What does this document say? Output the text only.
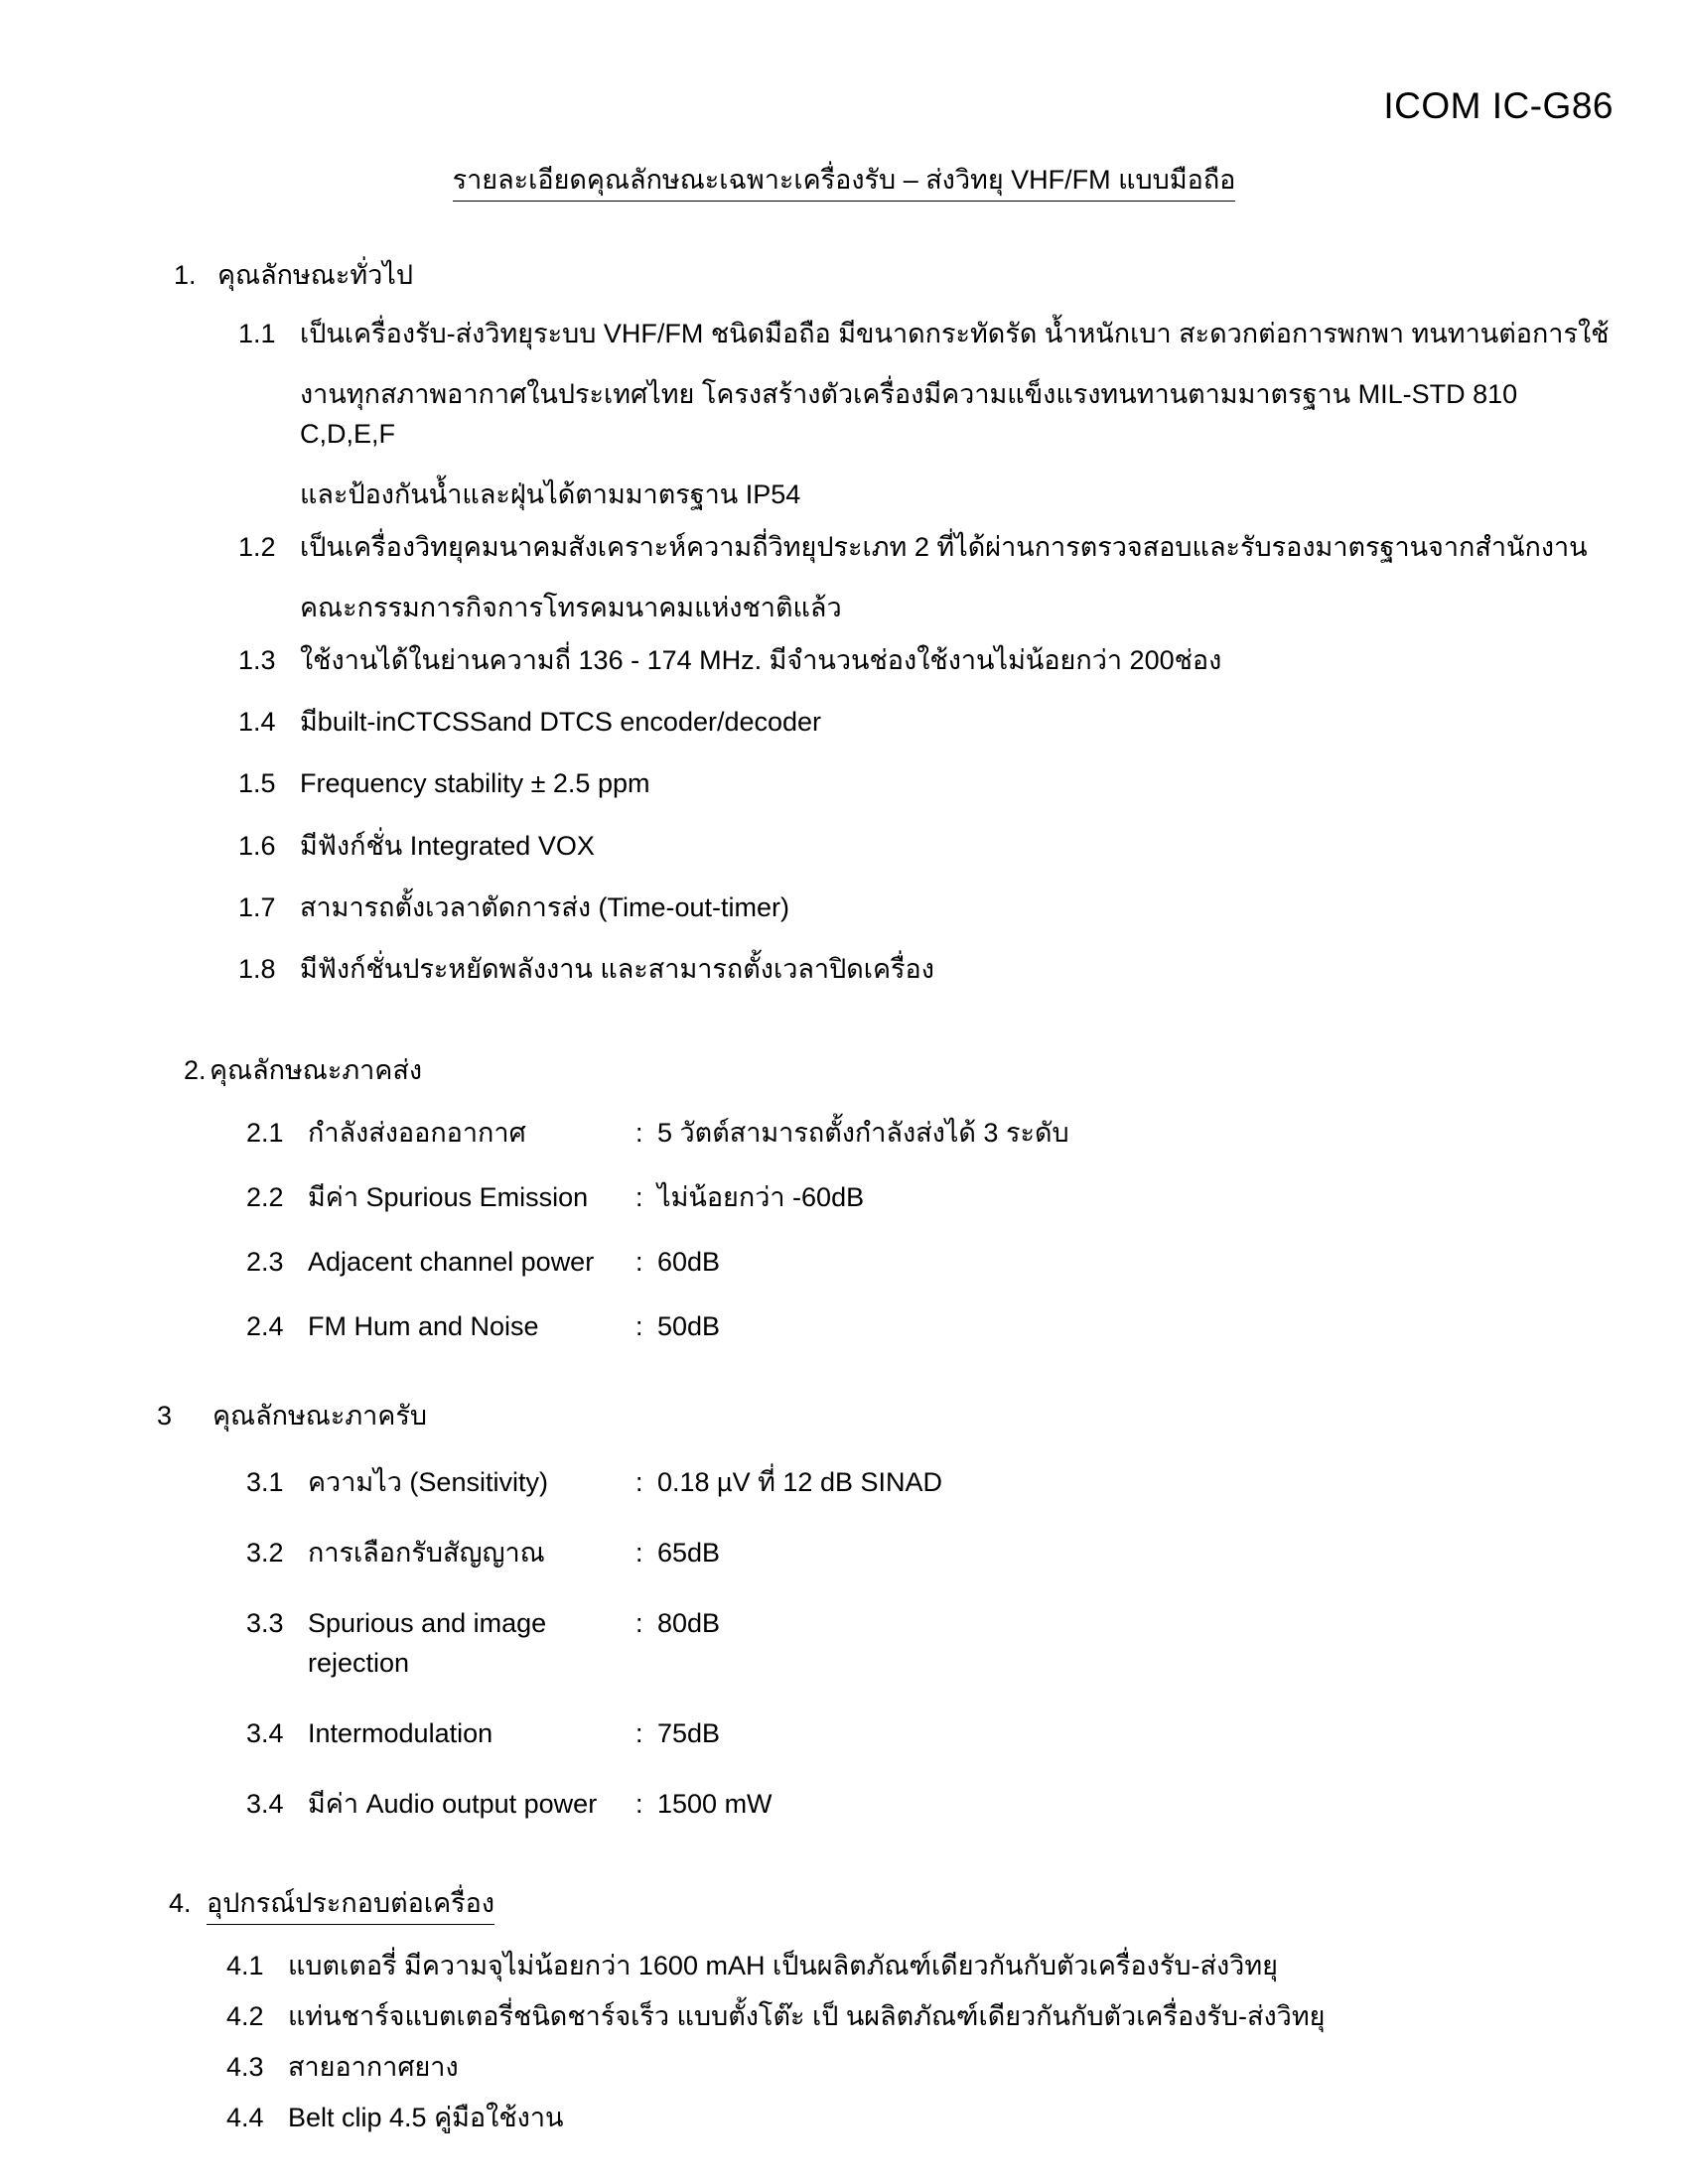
ICOM IC-G86
รายละเอียดคุณลักษณะเฉพาะเครื่องรับ – ส่งวิทยุ VHF/FM แบบมือถือ
1. คุณลักษณะทั่วไป
1.1 เป็นเครื่องรับ-ส่งวิทยุระบบ VHF/FM ชนิดมือถือ มีขนาดกระทัดรัด น้ำหนักเบา สะดวกต่อการพกพา ทนทานต่อการใช้
งานทุกสภาพอากาศในประเทศไทย โครงสร้างตัวเครื่องมีความแข็งแรงทนทานตามมาตรฐาน MIL-STD 810 C,D,E,F
และป้องกันน้ำและฝุ่นได้ตามมาตรฐาน IP54
1.2 เป็นเครื่องวิทยุคมนาคมสังเคราะห์ความถี่วิทยุประเภท 2 ที่ได้ผ่านการตรวจสอบและรับรองมาตรฐานจากสำนักงาน
คณะกรรมการกิจการโทรคมนาคมแห่งชาติแล้ว
1.3 ใช้งานได้ในย่านความถี่ 136 - 174 MHz. มีจำนวนช่องใช้งานไม่น้อยกว่า 200ช่อง
1.4 มีbuilt-inCTCSSand DTCS encoder/decoder
1.5 Frequency stability ± 2.5 ppm
1.6 มีฟังก์ชั่น Integrated VOX
1.7 สามารถตั้งเวลาตัดการส่ง (Time-out-timer)
1.8 มีฟังก์ชั่นประหยัดพลังงาน และสามารถตั้งเวลาปิดเครื่อง
2. คุณลักษณะภาคส่ง
2.1 กำลังส่งออกอากาศ	: 5 วัตต์สามารถตั้งกำลังส่งได้ 3 ระดับ
2.2 มีค่า Spurious Emission	: ไม่น้อยกว่า -60dB
2.3 Adjacent channel power	: 60dB
2.4 FM Hum and Noise	: 50dB
3	คุณลักษณะภาครับ
3.1 ความไว (Sensitivity)	: 0.18 µV ที่ 12 dB SINAD
3.2 การเลือกรับสัญญาณ	: 65dB
3.3 Spurious and image rejection
: 80dB
3.4 Intermodulation	: 75dB
3.4 มีค่า Audio output power	: 1500 mW
4. อุปกรณ์ประกอบต่อเครื่อง
4.1 แบตเตอรี่ มีความจุไม่น้อยกว่า 1600 mAH เป็นผลิตภัณฑ์เดียวกันกับตัวเครื่องรับ-ส่งวิทยุ
4.2 แท่นชาร์จแบตเตอรี่ชนิดชาร์จเร็ว แบบตั้งโต๊ะ เป็ นผลิตภัณฑ์เดียวกันกับตัวเครื่องรับ-ส่งวิทยุ
4.3 สายอากาศยาง
4.4 Belt clip 4.5 คู่มือใช้งาน
